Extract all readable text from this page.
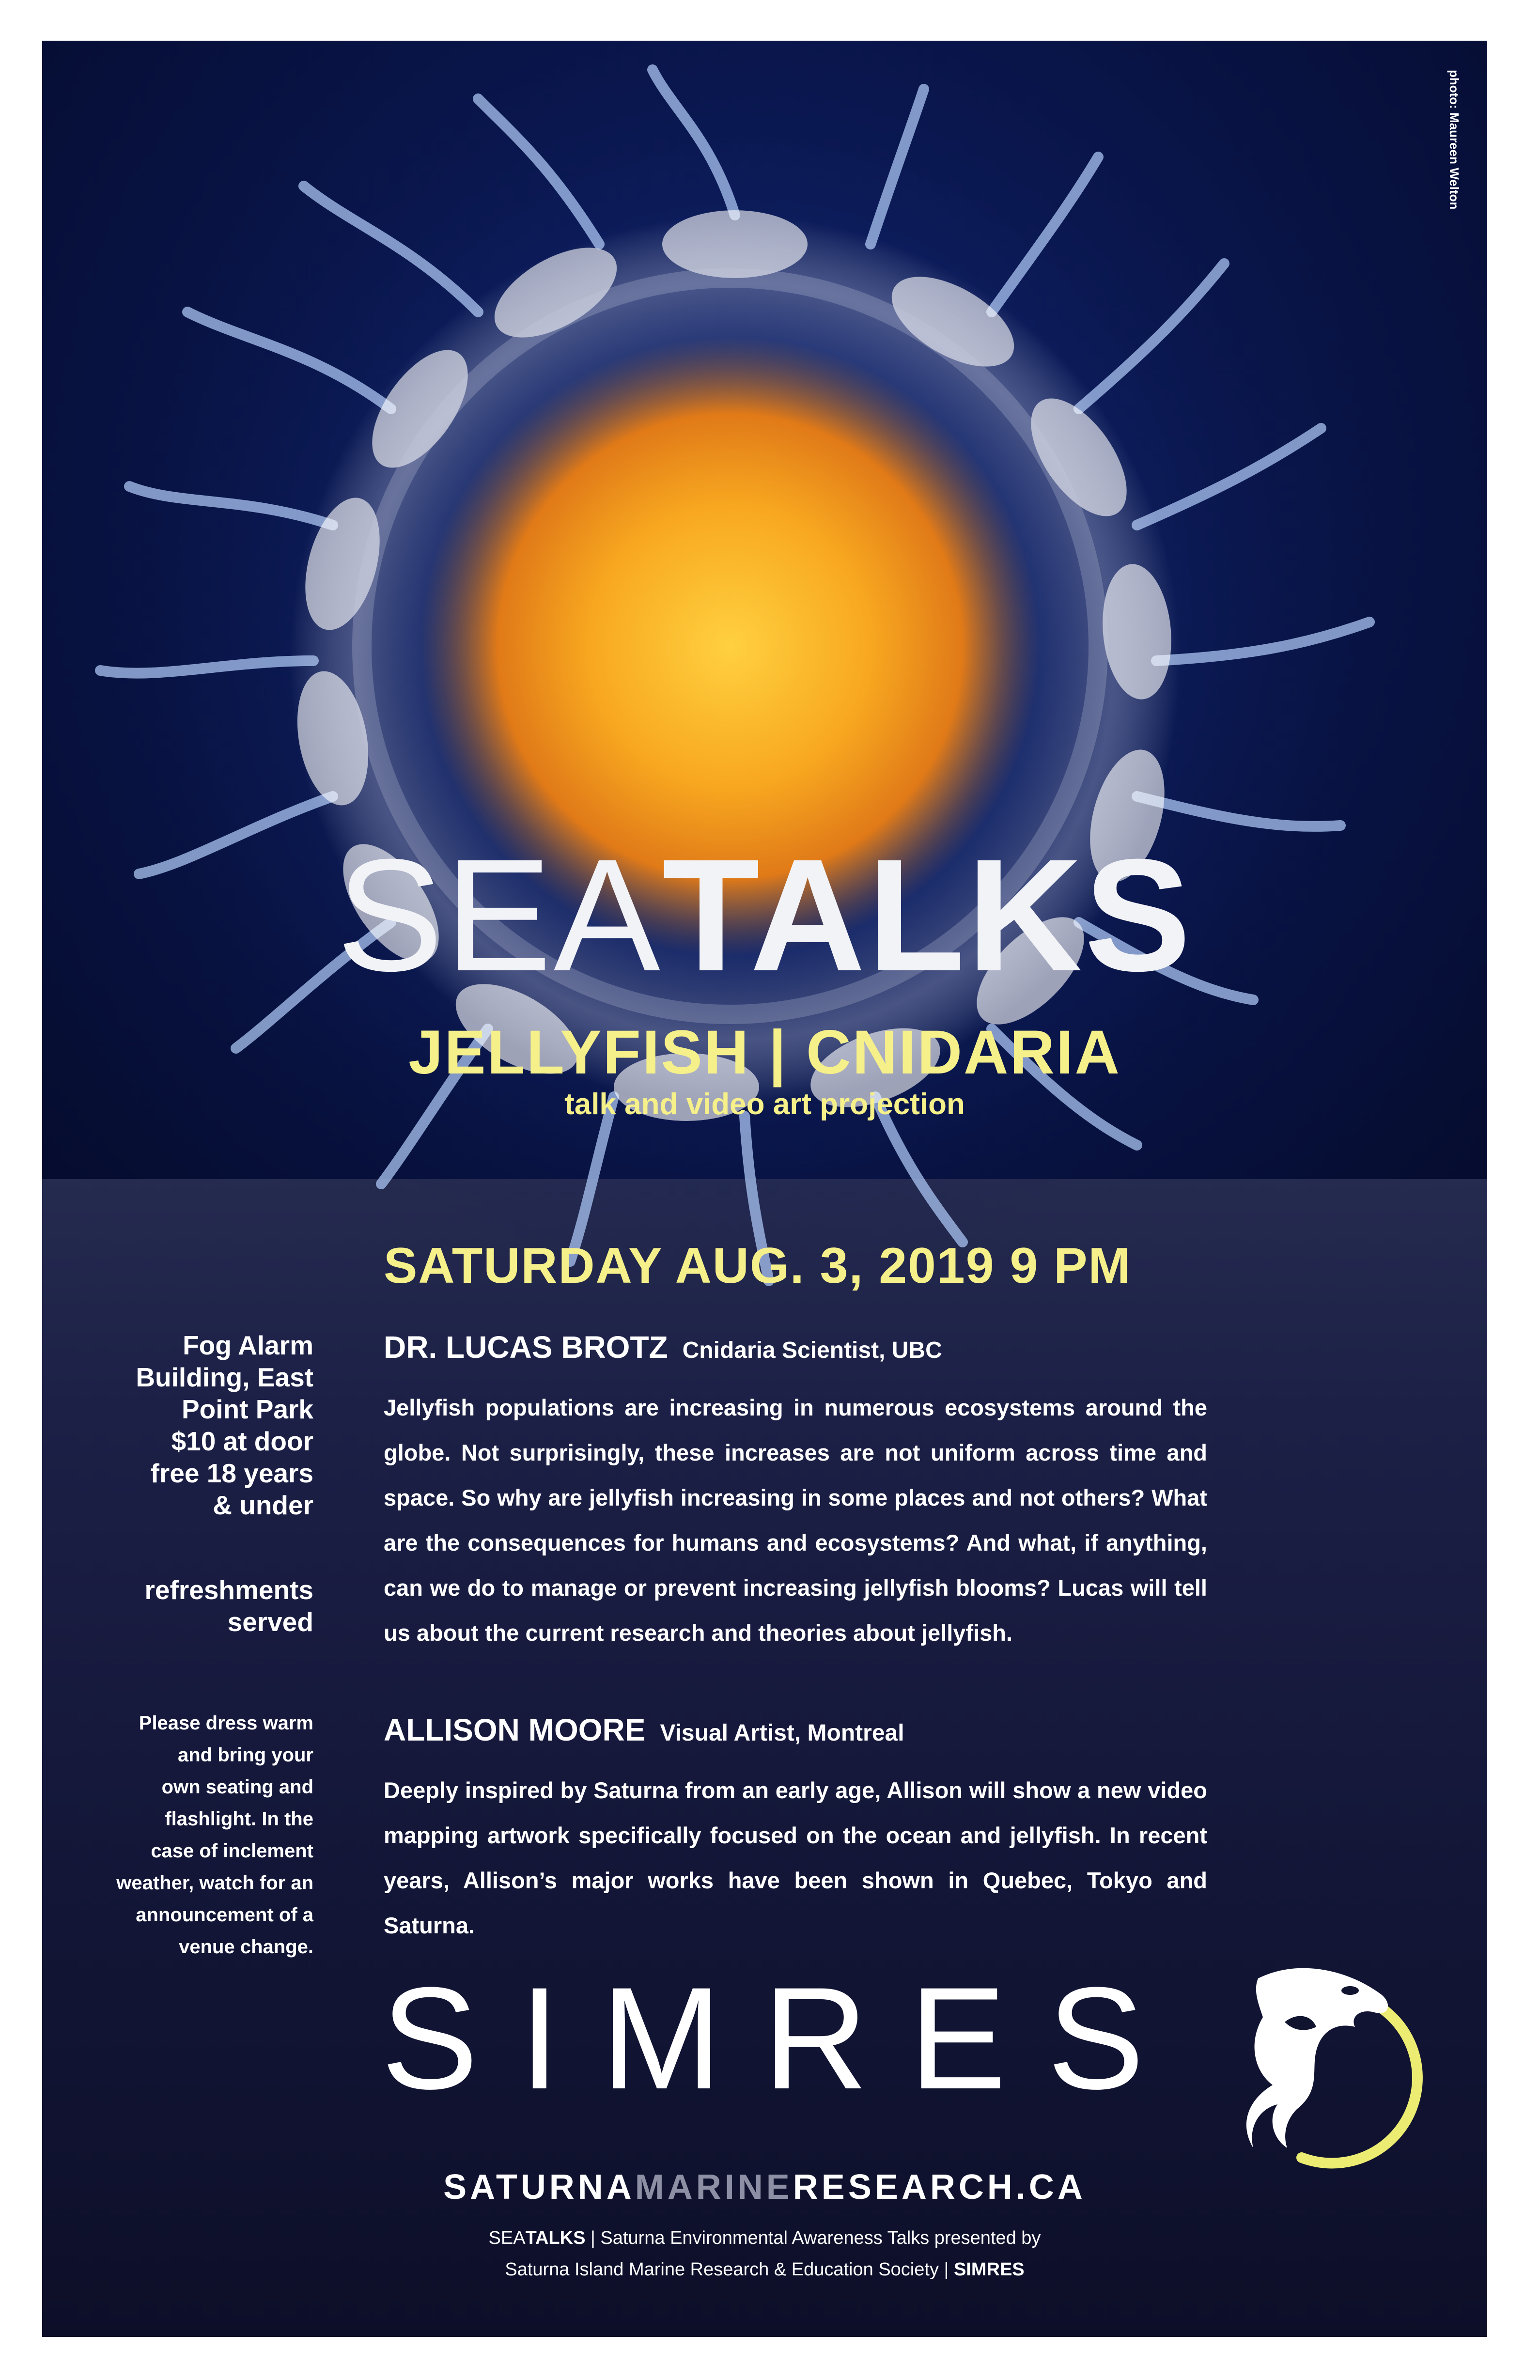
photo: Maureen Welton
SEATALKS
JELLYFISH | CNIDARIA
talk and video art projection
SATURDAY AUG. 3, 2019 9 PM
DR. LUCAS BROTZ Cnidaria Scientist, UBC
Jellyfish populations are increasing in numerous ecosystems around the globe. Not surprisingly, these increases are not uniform across time and space. So why are jellyfish increasing in some places and not others? What are the consequences for humans and ecosystems? And what, if anything, can we do to manage or prevent increasing jellyfish blooms? Lucas will tell us about the current research and theories about jellyfish.
ALLISON MOORE Visual Artist, Montreal
Deeply inspired by Saturna from an early age, Allison will show a new video mapping artwork specifically focused on the ocean and jellyfish. In recent years, Allison’s major works have been shown in Quebec, Tokyo and Saturna.
Fog Alarm
Building, East
Point Park
$10 at door
free 18 years
& under
refreshments
served
Please dress warm
and bring your
own seating and
flashlight. In the
case of inclement
weather, watch for an
announcement of a
venue change.
SIMRES
SATURNAMARINERESEARCH.CA
SEATALKS | Saturna Environmental Awareness Talks presented by
Saturna Island Marine Research & Education Society | SIMRES
